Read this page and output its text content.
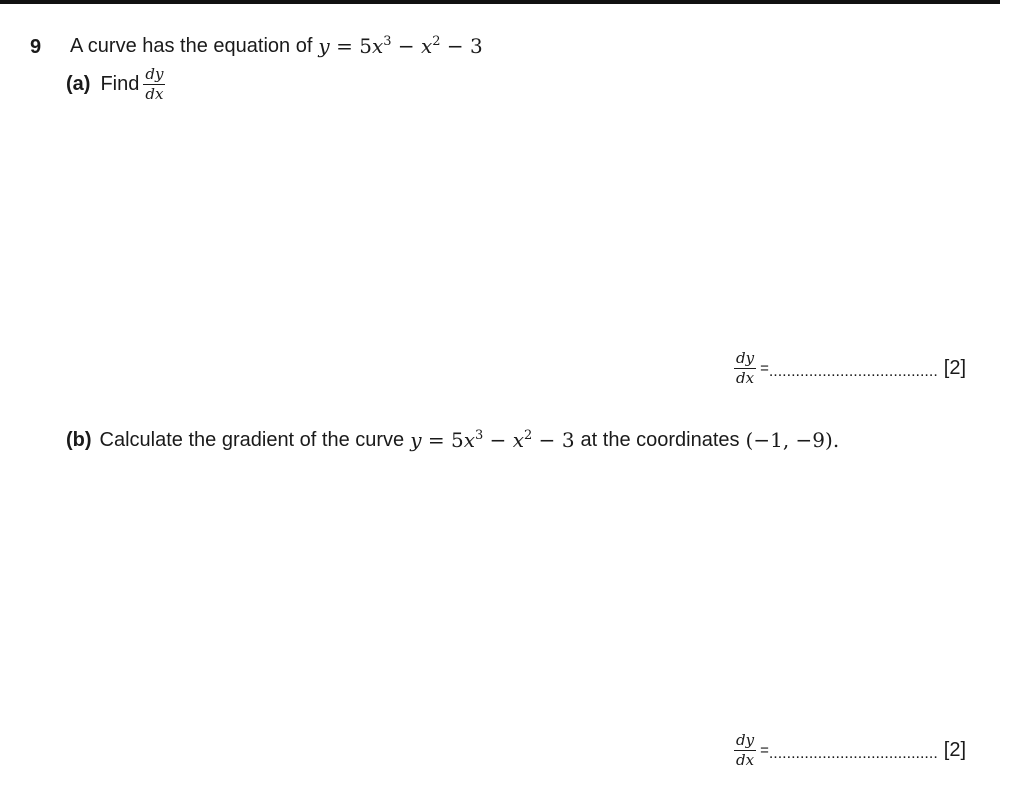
9 A curve has the equation of $y = 5x^3 - x^2 - 3$
(a) Find $\frac{dy}{dx}$
$\frac{dy}{dx}$ = ...................................... [2]
(b) Calculate the gradient of the curve $y = 5x^3 - x^2 - 3$ at the coordinates (−1, −9).
$\frac{dy}{dx}$ = ...................................... [2]
